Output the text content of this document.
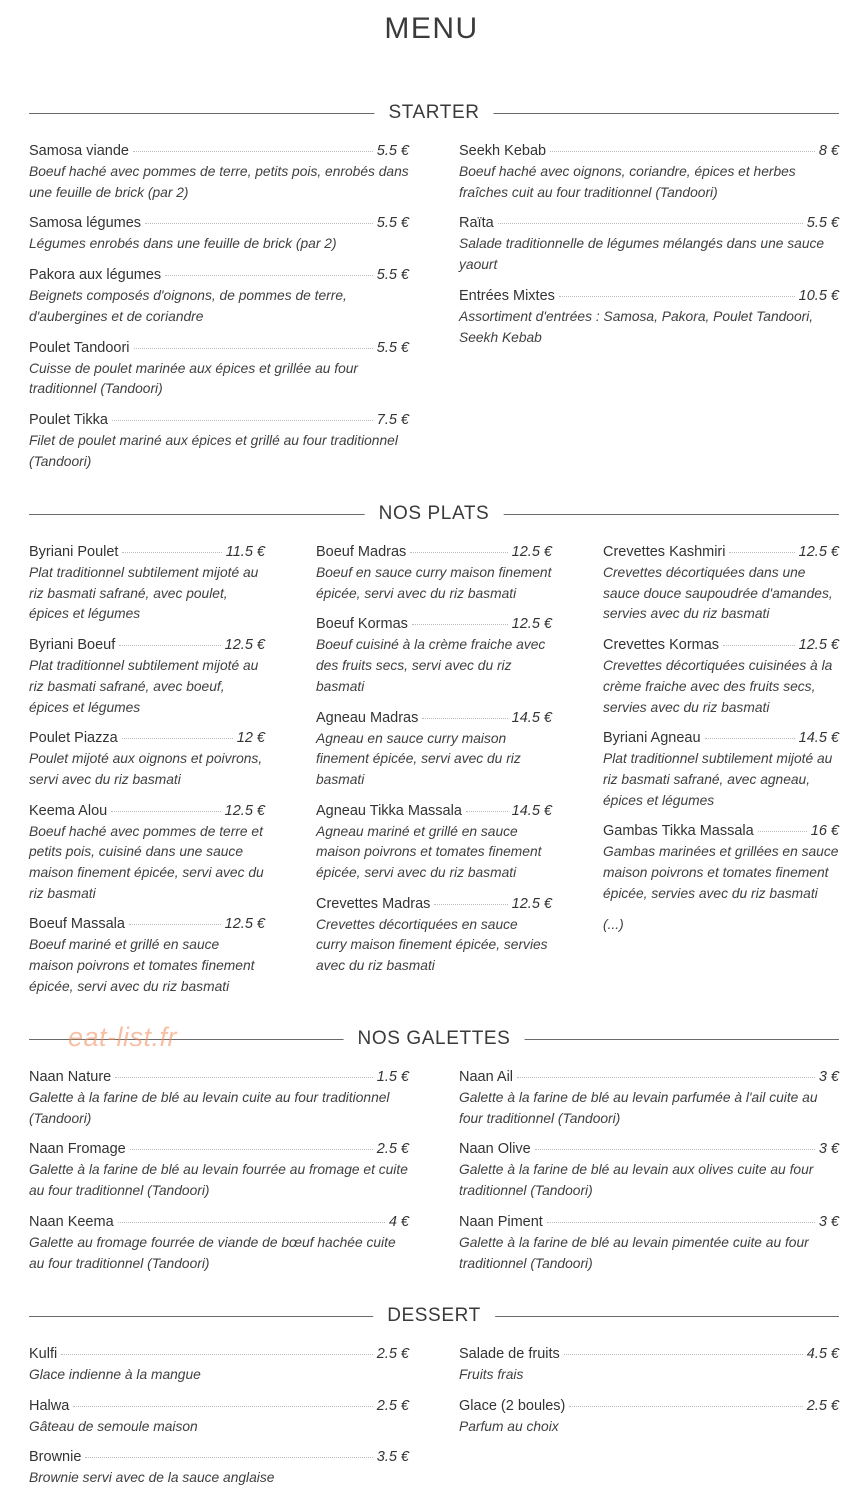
MENU
STARTER
Samosa viande	5.5 €
Boeuf haché avec pommes de terre, petits pois, enrobés dans une feuille de brick (par 2)
Samosa légumes	5.5 €
Légumes enrobés dans une feuille de brick (par 2)
Pakora aux légumes	5.5 €
Beignets composés d'oignons, de pommes de terre, d'aubergines et de coriandre
Poulet Tandoori	5.5 €
Cuisse de poulet marinée aux épices et grillée au four traditionnel (Tandoori)
Poulet Tikka	7.5 €
Filet de poulet mariné aux épices et grillé au four traditionnel (Tandoori)
Seekh Kebab	8 €
Boeuf haché avec oignons, coriandre, épices et herbes fraîches cuit au four traditionnel (Tandoori)
Raïta	5.5 €
Salade traditionnelle de légumes mélangés dans une sauce yaourt
Entrées Mixtes	10.5 €
Assortiment d'entrées : Samosa, Pakora, Poulet Tandoori, Seekh Kebab
NOS PLATS
Byriani Poulet	11.5 €
Plat traditionnel subtilement mijoté au riz basmati safrané, avec poulet, épices et légumes
Byriani Boeuf	12.5 €
Plat traditionnel subtilement mijoté au riz basmati safrané, avec boeuf, épices et légumes
Poulet Piazza	12 €
Poulet mijoté aux oignons et poivrons, servi avec du riz basmati
Keema Alou	12.5 €
Boeuf haché avec pommes de terre et petits pois, cuisiné dans une sauce maison finement épicée, servi avec du riz basmati
Boeuf Massala	12.5 €
Boeuf mariné et grillé en sauce maison poivrons et tomates finement épicée, servi avec du riz basmati
Boeuf Madras	12.5 €
Boeuf en sauce curry maison finement épicée, servi avec du riz basmati
Boeuf Kormas	12.5 €
Boeuf cuisiné à la crème fraiche avec des fruits secs, servi avec du riz basmati
Agneau Madras	14.5 €
Agneau en sauce curry maison finement épicée, servi avec du riz basmati
Agneau Tikka Massala	14.5 €
Agneau mariné et grillé en sauce maison poivrons et tomates finement épicée, servi avec du riz basmati
Crevettes Madras	12.5 €
Crevettes décortiquées en sauce curry maison finement épicée, servies avec du riz basmati
Crevettes Kashmiri	12.5 €
Crevettes décortiquées dans une sauce douce saupoudrée d'amandes, servies avec du riz basmati
Crevettes Kormas	12.5 €
Crevettes décortiquées cuisinées à la crème fraiche avec des fruits secs, servies avec du riz basmati
Byriani Agneau	14.5 €
Plat traditionnel subtilement mijoté au riz basmati safrané, avec agneau, épices et légumes
Gambas Tikka Massala	16 €
Gambas marinées et grillées en sauce maison poivrons et tomates finement épicée, servies avec du riz basmati
(...)
NOS GALETTES
Naan Nature	1.5 €
Galette à la farine de blé au levain cuite au four traditionnel (Tandoori)
Naan Fromage	2.5 €
Galette à la farine de blé au levain fourrée au fromage et cuite au four traditionnel (Tandoori)
Naan Keema	4 €
Galette au fromage fourrée de viande de bœuf hachée cuite au four traditionnel (Tandoori)
Naan Ail	3 €
Galette à la farine de blé au levain parfumée à l'ail cuite au four traditionnel (Tandoori)
Naan Olive	3 €
Galette à la farine de blé au levain aux olives cuite au four traditionnel (Tandoori)
Naan Piment	3 €
Galette à la farine de blé au levain pimentée cuite au four traditionnel (Tandoori)
DESSERT
Kulfi	2.5 €
Glace indienne à la mangue
Halwa	2.5 €
Gâteau de semoule maison
Brownie	3.5 €
Brownie servi avec de la sauce anglaise
Salade de fruits	4.5 €
Fruits frais
Glace (2 boules)	2.5 €
Parfum au choix
eat-list.fr
